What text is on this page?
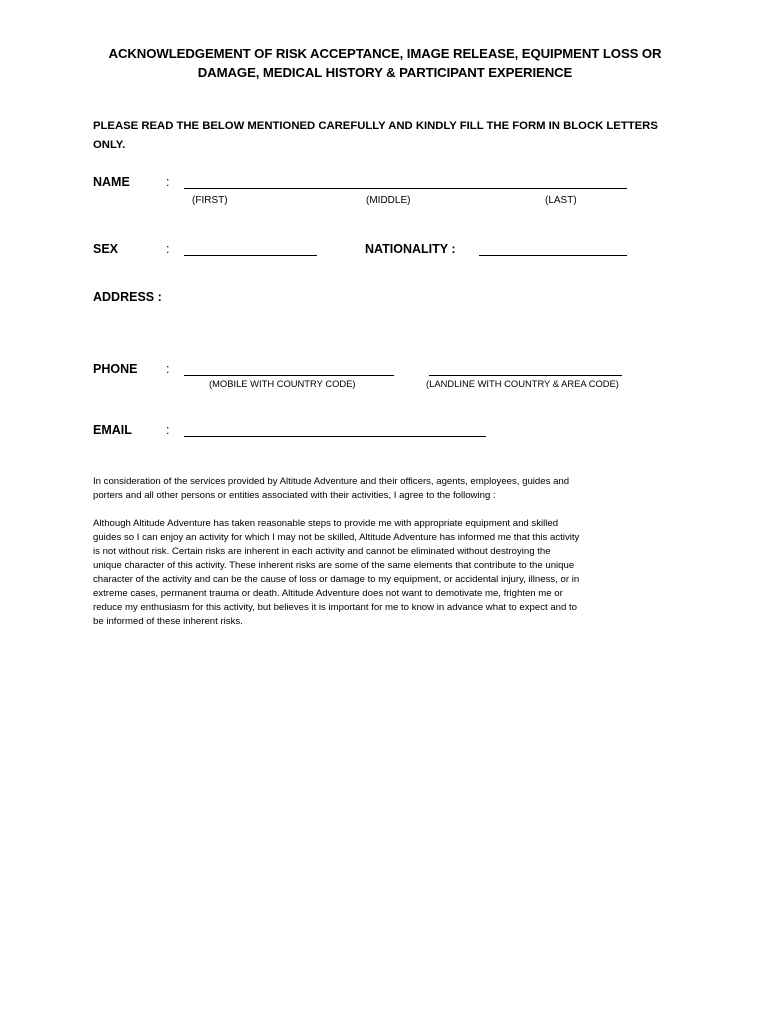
ACKNOWLEDGEMENT OF RISK ACCEPTANCE, IMAGE RELEASE, EQUIPMENT LOSS OR
DAMAGE, MEDICAL HISTORY & PARTICIPANT EXPERIENCE
PLEASE READ THE BELOW MENTIONED CAREFULLY AND KINDLY FILL THE FORM IN BLOCK LETTERS
ONLY.
NAME	:
(FIRST)	(MIDDLE)	(LAST)
SEX	:	NATIONALITY :
ADDRESS :
PHONE :
(MOBILE WITH COUNTRY CODE)	(LANDLINE WITH COUNTRY & AREA CODE)
EMAIL	:
In consideration of the services provided by Altitude Adventure and their officers, agents, employees, guides and
porters and all other persons or entities associated with their activities, I agree to the following :
Although Altitude Adventure has taken reasonable steps to provide me with appropriate equipment and skilled
guides so I can enjoy an activity for which I may not be skilled, Altitude Adventure has informed me that this activity
is not without risk. Certain risks are inherent in each activity and cannot be eliminated without destroying the
unique character of this activity. These inherent risks are some of the same elements that contribute to the unique
character of the activity and can be the cause of loss or damage to my equipment, or accidental injury, illness, or in
extreme cases, permanent trauma or death. Altitude Adventure does not want to demotivate me, frighten me or
reduce my enthusiasm for this activity, but believes it is important for me to know in advance what to expect and to
be informed of these inherent risks.
